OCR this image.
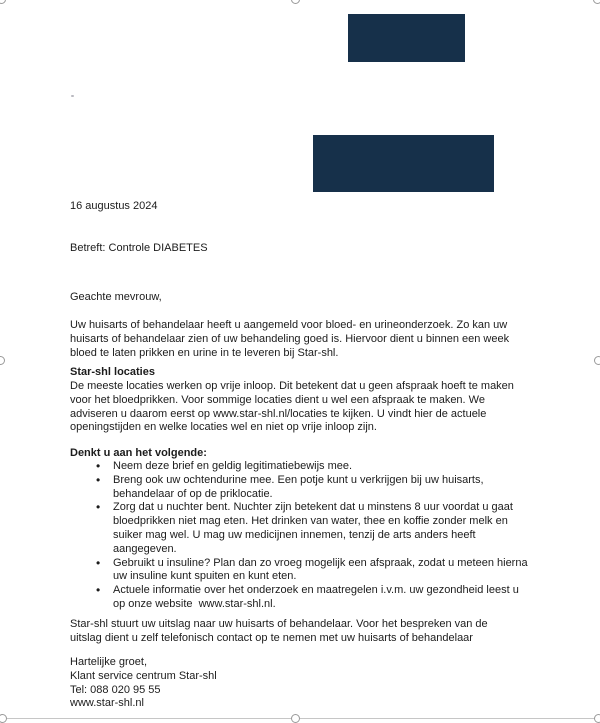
16 augustus 2024
Betreft: Controle DIABETES
Geachte mevrouw,
Uw huisarts of behandelaar heeft u aangemeld voor bloed- en urineonderzoek. Zo kan uw
huisarts of behandelaar zien of uw behandeling goed is. Hiervoor dient u binnen een week
bloed te laten prikken en urine in te leveren bij Star-shl.
Star-shl locaties
De meeste locaties werken op vrije inloop. Dit betekent dat u geen afspraak hoeft te maken
voor het bloedprikken. Voor sommige locaties dient u wel een afspraak te maken. We
adviseren u daarom eerst op www.star-shl.nl/locaties te kijken. U vindt hier de actuele
openingstijden en welke locaties wel en niet op vrije inloop zijn.
Denkt u aan het volgende:
• Neem deze brief en geldig legitimatiebewijs mee.
• Breng ook uw ochtendurine mee. Een potje kunt u verkrijgen bij uw huisarts,
behandelaar of op de priklocatie.
• Zorg dat u nuchter bent. Nuchter zijn betekent dat u minstens 8 uur voordat u gaat
bloedprikken niet mag eten. Het drinken van water, thee en koffie zonder melk en
suiker mag wel. U mag uw medicijnen innemen, tenzij de arts anders heeft
aangegeven.
• Gebruikt u insuline? Plan dan zo vroeg mogelijk een afspraak, zodat u meteen hierna
uw insuline kunt spuiten en kunt eten.
• Actuele informatie over het onderzoek en maatregelen i.v.m. uw gezondheid leest u
op onze website  www.star-shl.nl.
Star-shl stuurt uw uitslag naar uw huisarts of behandelaar. Voor het bespreken van de
uitslag dient u zelf telefonisch contact op te nemen met uw huisarts of behandelaar
Hartelijke groet,
Klant service centrum Star-shl
Tel: 088 020 95 55
www.star-shl.nl
